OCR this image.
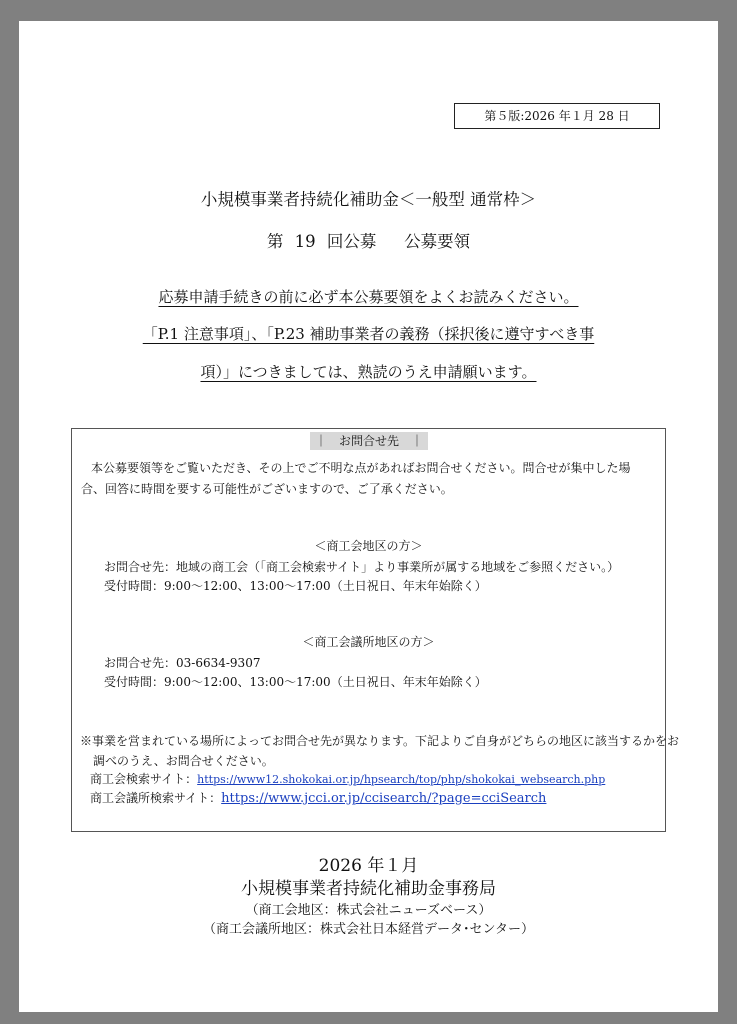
第５版:2026 年１月 28 日
小規模事業者持続化補助金＜一般型 通常枠＞
第 19 回公募　 公募要領
応募申請手続きの前に必ず本公募要領をよくお読みください。
「P.1 注意事項」、「P.23 補助事業者の義務（採択後に遵守すべき事
項）」につきましては、熟読のうえ申請願います。
｜　お問合せ先　｜
本公募要領等をご覧いただき、その上でご不明な点があればお問合せください。問合せが集中した場
合、回答に時間を要する可能性がございますので、ご了承ください。
＜商工会地区の方＞
お問合せ先：地域の商工会（「商工会検索サイト」より事業所が属する地域をご参照ください。）
受付時間：9:00～12:00、13:00～17:00（土日祝日、年末年始除く）
＜商工会議所地区の方＞
お問合せ先：03-6634-9307
受付時間：9:00～12:00、13:00～17:00（土日祝日、年末年始除く）
※事業を営まれている場所によってお問合せ先が異なります。下記よりご自身がどちらの地区に該当するかをお
調べのうえ、お問合せください。
商工会検索サイト：https://www12.shokokai.or.jp/hpsearch/top/php/shokokai_websearch.php
商工会議所検索サイト：https://www.jcci.or.jp/ccisearch/?page=cciSearch
2026 年１月
小規模事業者持続化補助金事務局
（商工会地区：株式会社ニューズベース）
（商工会議所地区：株式会社日本経営データ･センター）
